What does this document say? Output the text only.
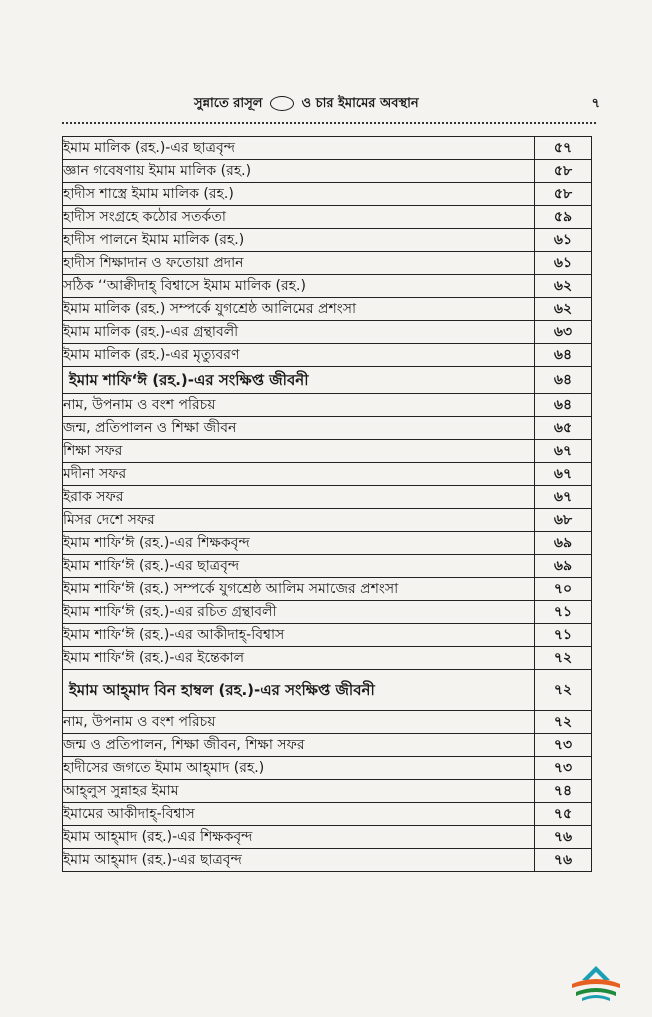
সুন্নাতে রাসূল	ও চার ইমামের অবস্থান	৭
ইমাম মালিক (রহ.)-এর ছাত্রবৃন্দ	৫৭
জ্ঞান গবেষণায় ইমাম মালিক (রহ.)	৫৮
হাদীস শাস্ত্রে ইমাম মালিক (রহ.)	৫৮
হাদীস সংগ্রহে কঠোর সতর্কতা	৫৯
হাদীস পালনে ইমাম মালিক (রহ.)	৬১
হাদীস শিক্ষাদান ও ফতোয়া প্রদান	৬১
সঠিক ‘‘আক্বীদাহ্ বিশ্বাসে ইমাম মালিক (রহ.)	৬২
ইমাম মালিক (রহ.) সম্পর্কে যুগশ্রেষ্ঠ আলিমের প্রশংসা	৬২
ইমাম মালিক (রহ.)-এর গ্রন্থাবলী	৬৩
ইমাম মালিক (রহ.)-এর মৃত্যুবরণ	৬৪
ইমাম শাফি‘ঈ (রহ.)-এর সংক্ষিপ্ত জীবনী	৬৪
নাম, উপনাম ও বংশ পরিচয়	৬৪
জন্ম, প্রতিপালন ও শিক্ষা জীবন	৬৫
শিক্ষা সফর	৬৭
মদীনা সফর	৬৭
ইরাক সফর	৬৭
মিসর দেশে সফর	৬৮
ইমাম শাফি‘ঈ (রহ.)-এর শিক্ষকবৃন্দ	৬৯
ইমাম শাফি‘ঈ (রহ.)-এর ছাত্রবৃন্দ	৬৯
ইমাম শাফি‘ঈ (রহ.) সম্পর্কে যুগশ্রেষ্ঠ আলিম সমাজের প্রশংসা	৭০
ইমাম শাফি‘ঈ (রহ.)-এর রচিত গ্রন্থাবলী	৭১
ইমাম শাফি‘ঈ (রহ.)-এর আকীদাহ্-বিশ্বাস	৭১
ইমাম শাফি‘ঈ (রহ.)-এর ইন্তেকাল	৭২
ইমাম আহ্‌মাদ বিন হাম্বল (রহ.)-এর সংক্ষিপ্ত জীবনী	৭২
নাম, উপনাম ও বংশ পরিচয়	৭২
জন্ম ও প্রতিপালন, শিক্ষা জীবন, শিক্ষা সফর	৭৩
হাদীসের জগতে ইমাম আহ্‌মাদ (রহ.)	৭৩
আহ্‌লুস সুন্নাহর ইমাম	৭৪
ইমামের আকীদাহ্-বিশ্বাস	৭৫
ইমাম আহ্‌মাদ (রহ.)-এর শিক্ষকবৃন্দ	৭৬
ইমাম আহ্‌মাদ (রহ.)-এর ছাত্রবৃন্দ	৭৬
